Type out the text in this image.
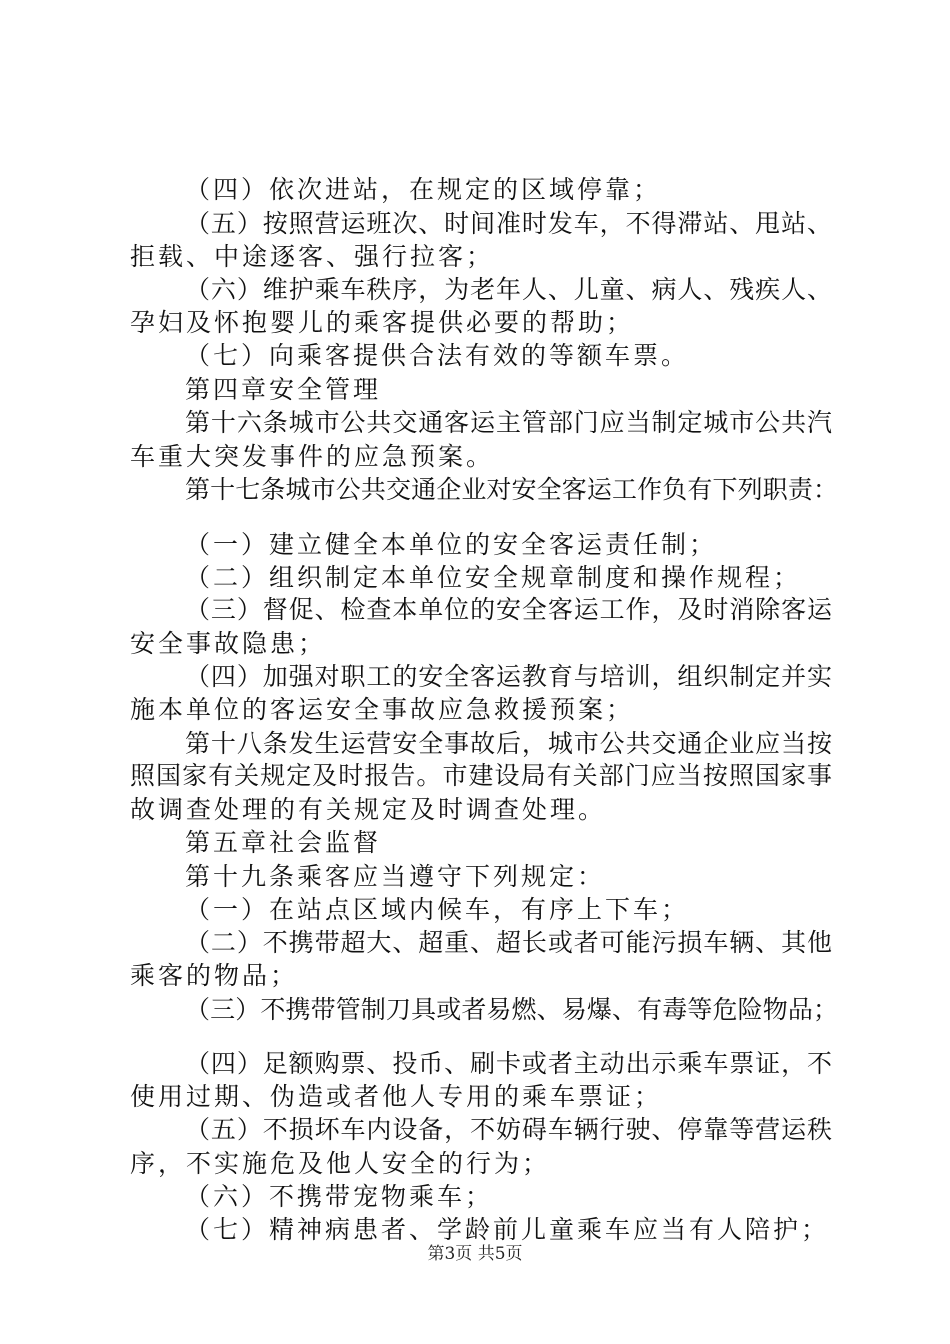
（四）依次进站，在规定的区域停靠；
（五）按照营运班次、时间准时发车，不得滞站、甩站、
拒载、中途逐客、强行拉客；
（六）维护乘车秩序，为老年人、儿童、病人、残疾人、
孕妇及怀抱婴儿的乘客提供必要的帮助；
（七）向乘客提供合法有效的等额车票。
第四章安全管理
第十六条城市公共交通客运主管部门应当制定城市公共汽
车重大突发事件的应急预案。
第十七条城市公共交通企业对安全客运工作负有下列职责：
（一）建立健全本单位的安全客运责任制；
（二）组织制定本单位安全规章制度和操作规程；
（三）督促、检查本单位的安全客运工作，及时消除客运
安全事故隐患；
（四）加强对职工的安全客运教育与培训，组织制定并实
施本单位的客运安全事故应急救援预案；
第十八条发生运营安全事故后，城市公共交通企业应当按
照国家有关规定及时报告。市建设局有关部门应当按照国家事
故调查处理的有关规定及时调查处理。
第五章社会监督
第十九条乘客应当遵守下列规定：
（一）在站点区域内候车，有序上下车；
（二）不携带超大、超重、超长或者可能污损车辆、其他
乘客的物品；
（三）不携带管制刀具或者易燃、易爆、有毒等危险物品；
（四）足额购票、投币、刷卡或者主动出示乘车票证，不
使用过期、伪造或者他人专用的乘车票证；
（五）不损坏车内设备，不妨碍车辆行驶、停靠等营运秩
序，不实施危及他人安全的行为；
（六）不携带宠物乘车；
（七）精神病患者、学龄前儿童乘车应当有人陪护；
第3页 共5页
